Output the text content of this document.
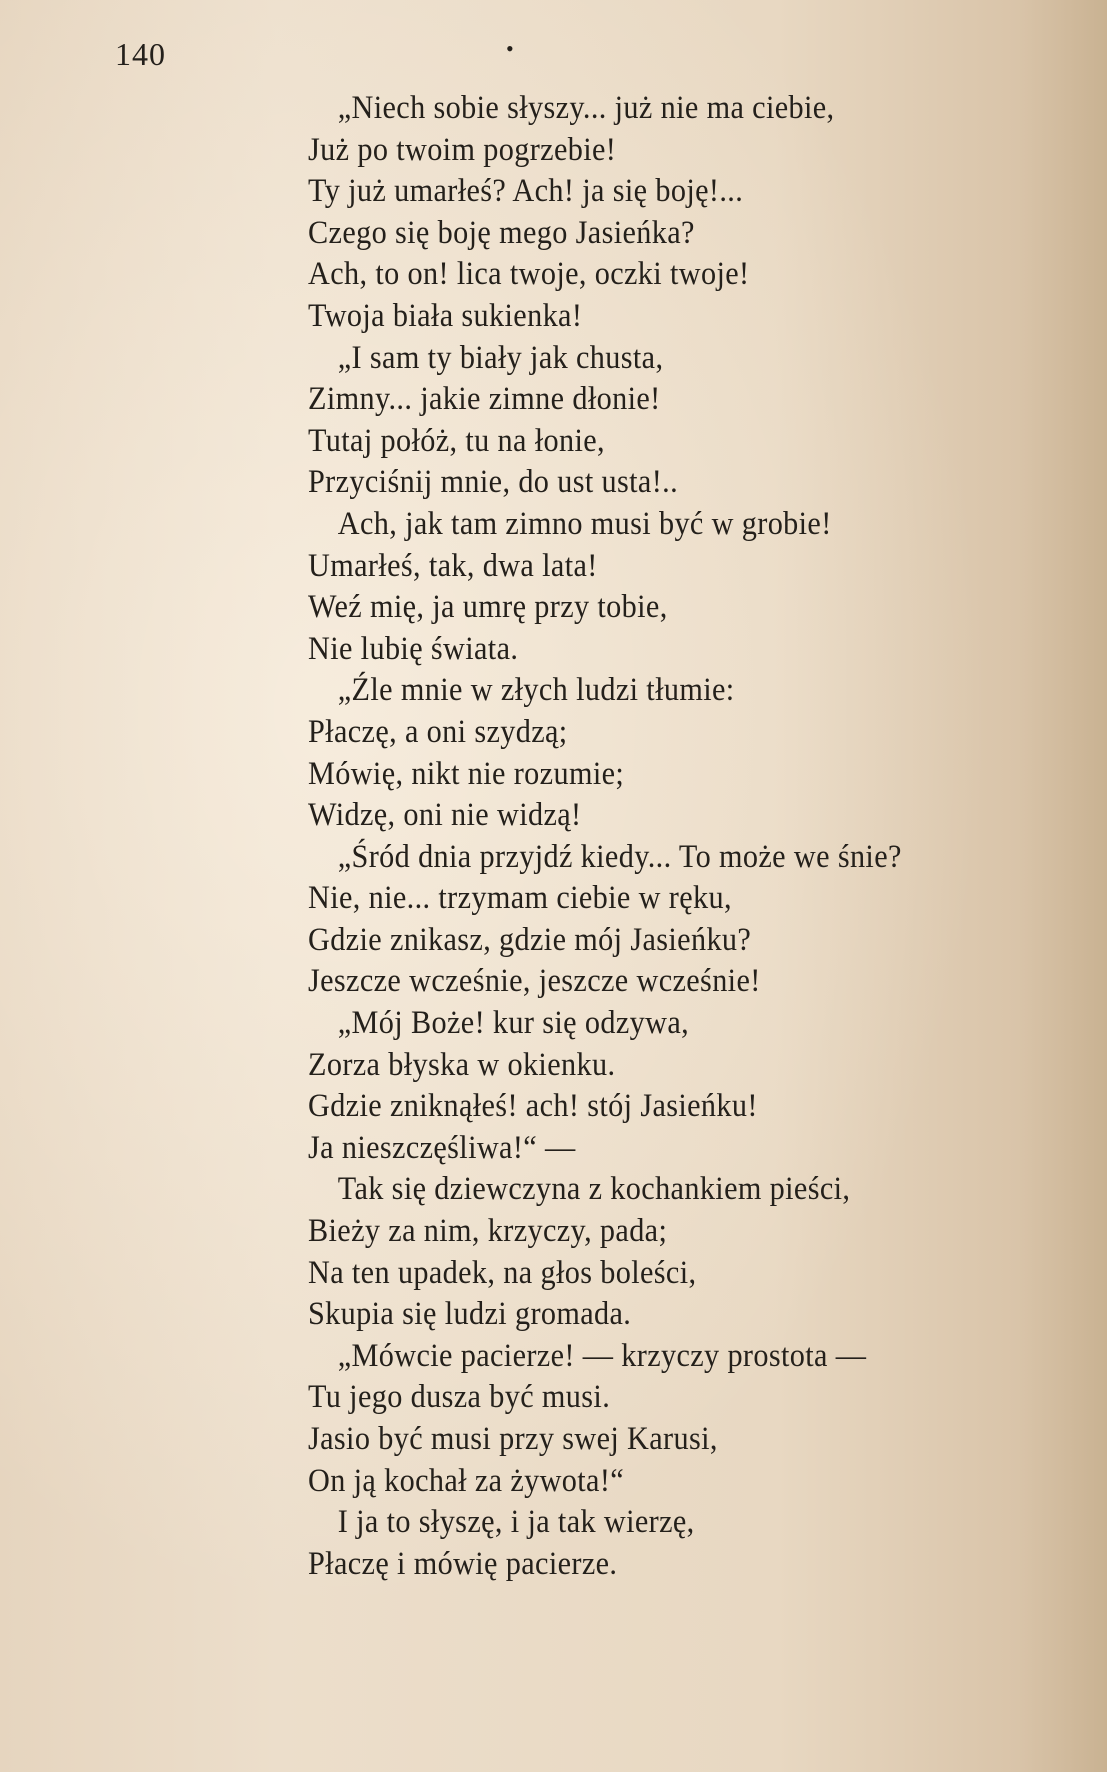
140	•
„Niech sobie słyszy... już nie ma ciebie,
Już po twoim pogrzebie!
Ty już umarłeś? Ach! ja się boję!...
Czego się boję mego Jasieńka?
Ach, to on! lica twoje, oczki twoje!
Twoja biała sukienka!
„I sam ty biały jak chusta,
Zimny... jakie zimne dłonie!
Tutaj połóż, tu na łonie,
Przyciśnij mnie, do ust usta!..
Ach, jak tam zimno musi być w grobie!
Umarłeś, tak, dwa lata!
Weź mię, ja umrę przy tobie,
Nie lubię świata.
„Źle mnie w złych ludzi tłumie:
Płaczę, a oni szydzą;
Mówię, nikt nie rozumie;
Widzę, oni nie widzą!
„Śród dnia przyjdź kiedy... To może we śnie?
Nie, nie... trzymam ciebie w ręku,
Gdzie znikasz, gdzie mój Jasieńku?
Jeszcze wcześnie, jeszcze wcześnie!
„Mój Boże! kur się odzywa,
Zorza błyska w okienku.
Gdzie zniknąłeś! ach! stój Jasieńku!
Ja nieszczęśliwa!“ —
Tak się dziewczyna z kochankiem pieści,
Bieży za nim, krzyczy, pada;
Na ten upadek, na głos boleści,
Skupia się ludzi gromada.
„Mówcie pacierze! — krzyczy prostota —
Tu jego dusza być musi.
Jasio być musi przy swej Karusi,
On ją kochał za żywota!“
I ja to słyszę, i ja tak wierzę,
Płaczę i mówię pacierze.
